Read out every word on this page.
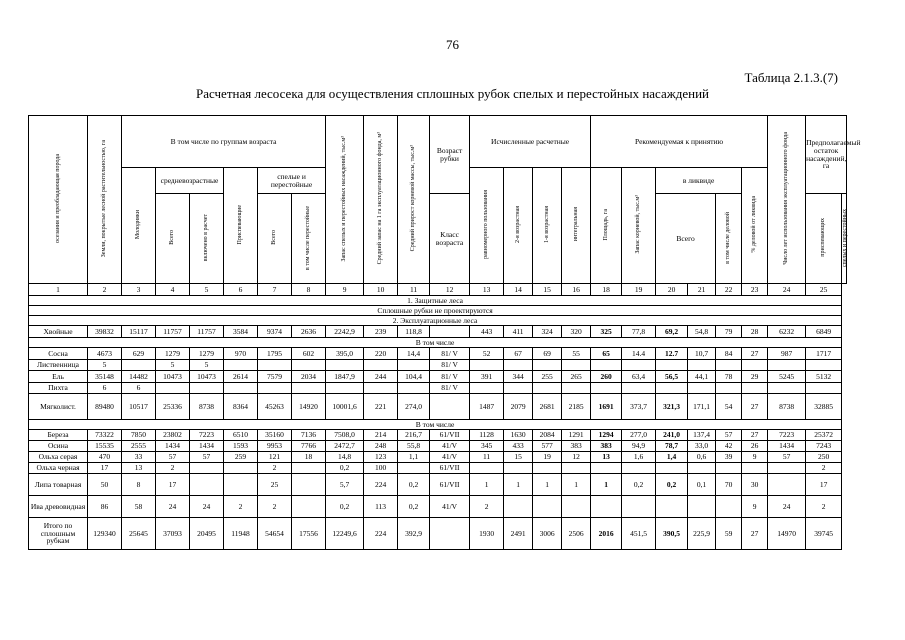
76
Таблица 2.1.3.(7)
Расчетная лесосека для осуществления сплошных рубок спелых и перестойных насаждений
осезания и преобладающая порода	Земли, покрытые лесной растительностью, га	В том числе по группам возраста						Запас спелых и перестойных насаждений, тыс.м³	Средний запас на 1 га эксплуатационного фонда, м³	Средний прирост корневой массы, тыс.м³	Возраст рубки	Исчисленные расчетные				Рекомендуемая к принятию						Число лет использования эксплуатационного фонда	Предполагаемый остаток насаждений, га	
		Молодняки	средневозрастные		Приспевающие	спелые и перестойные						равномерного пользования	2-я возрастная	1-я возрастная	интегральная	Площадь, га	Запас корневой, тыс.м³	в ликвиде			% деловой от ликвида			
			Всего	включено в расчет		Всего	в том числе перестойные				Класс возраста							Всего		в том числе деловой			приспевающих	спелых и перестойных
1	2	3	4	5	6	7	8	9	10	11	12	13	14	15	16	18	19	20	21	22	23	24	25	
1. Защитные леса																								
Сплошные рубки не проектируются																								
2. Эксплуатационные леса																								
Хвойные	39832	15117	11757	11757	3584	9374	2636	2242,9	239	118,8		443	411	324	320	325	77,8	69,2	54,8	79	28	6232	6849	
В том числе																								
Сосна	4673	629	1279	1279	970	1795	602	395,0	220	14,4	81/ V	52	67	69	55	65	14.4	12.7	10,7	84	27	987	1717	
Лиственница	5		5	5							81/ V													
Ель	35148	14482	10473	10473	2614	7579	2034	1847,9	244	104,4	81/ V	391	344	255	265	260	63,4	56,5	44,1	78	29	5245	5132	
Пихта	6	6									81/ V													
Мягколист.	89480	10517	25336	8738	8364	45263	14920	10001,6	221	274,0		1487	2079	2681	2185	1691	373,7	321,3	171,1	54	27	8738	32885	
В том числе																								
Береза	73322	7850	23802	7223	6510	35160	7136	7508,0	214	216,7	61/VII	1128	1630	2084	1291	1294	277,0	241,0	137,4	57	27	7223	25372	
Осина	15535	2555	1434	1434	1593	9953	7766	2472,7	248	55,8	41/V	345	433	577	383	383	94,9	78,7	33,0	42	26	1434	7243	
Ольха серая	470	33	57	57	259	121	18	14,8	123	1,1	41/V	11	15	19	12	13	1,6	1,4	0,6	39	9	57	250	
Ольха черная	17	13	2			2		0,2	100		61/VII												2	
Липа товарная	50	8	17			25		5,7	224	0,2	61/VII	1	1	1	1	1	0,2	0,2	0,1	70	30		17	
Ива древовидная	86	58	24	24	2	2		0,2	113	0,2	41/V	2									9	24	2	
Итого по сплошным рубкам	129340	25645	37093	20495	11948	54654	17556	12249,6	224	392,9		1930	2491	3006	2506	2016	451,5	390,5	225,9	59	27	14970	39745	
